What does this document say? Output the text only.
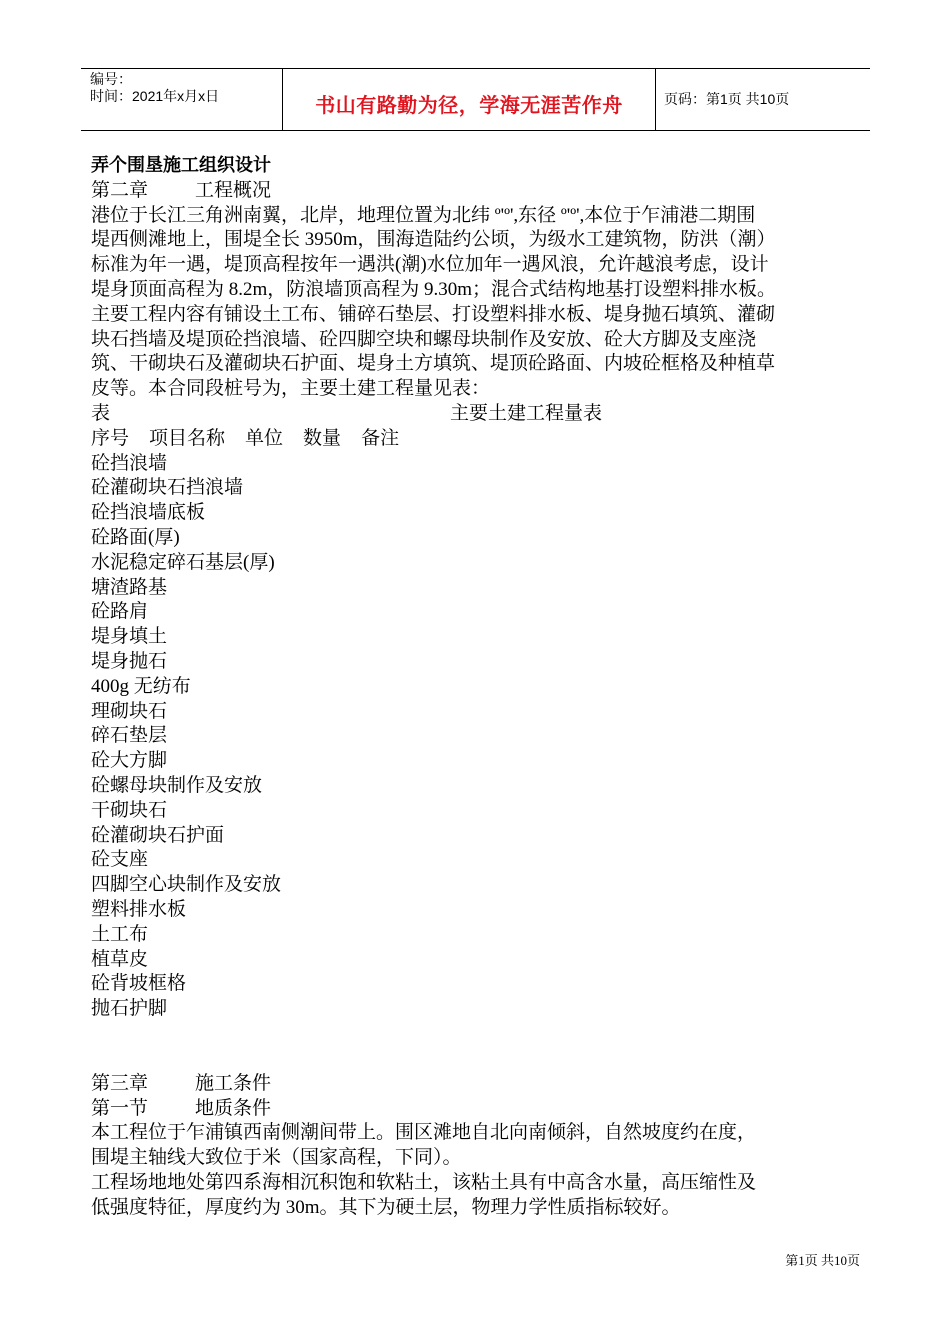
编号：
时间：2021年x月x日	书山有路勤为径，学海无涯苦作舟	页码：第1页 共10页

弄个围垦施工组织设计

第二章 工程概况

港位于长江三角洲南翼，北岸，地理位置为北纬 º'º',东径 º'º',本位于乍浦港二期围

堤西侧滩地上，围堤全长 3950m，围海造陆约公顷，为级水工建筑物，防洪（潮）

标准为年一遇，堤顶高程按年一遇洪(潮)水位加年一遇风浪，允许越浪考虑，设计

堤身顶面高程为 8.2m，防浪墙顶高程为 9.30m；混合式结构地基打设塑料排水板。

主要工程内容有铺设土工布、铺碎石垫层、打设塑料排水板、堤身抛石填筑、灌砌

块石挡墙及堤顶砼挡浪墙、砼四脚空块和螺母块制作及安放、砼大方脚及支座浇

筑、干砌块石及灌砌块石护面、堤身土方填筑、堤顶砼路面、内坡砼框格及种植草

皮等。本合同段桩号为，主要土建工程量见表：

表	主要土建工程量表

序号 项目名称 单位 数量 备注

砼挡浪墙

砼灌砌块石挡浪墙

砼挡浪墙底板

砼路面(厚)

水泥稳定碎石基层(厚)

塘渣路基

砼路肩

堤身填土

堤身抛石

400g 无纺布

理砌块石

碎石垫层

砼大方脚

砼螺母块制作及安放

干砌块石

砼灌砌块石护面

砼支座

四脚空心块制作及安放

塑料排水板

土工布

植草皮

砼背坡框格

抛石护脚

第三章 施工条件

第一节 地质条件

本工程位于乍浦镇西南侧潮间带上。围区滩地自北向南倾斜，自然坡度约在度，

围堤主轴线大致位于米（国家高程，下同）。

工程场地地处第四系海相沉积饱和软粘土，该粘土具有中高含水量，高压缩性及

低强度特征，厚度约为 30m。其下为硬土层，物理力学性质指标较好。

第1页 共10页
